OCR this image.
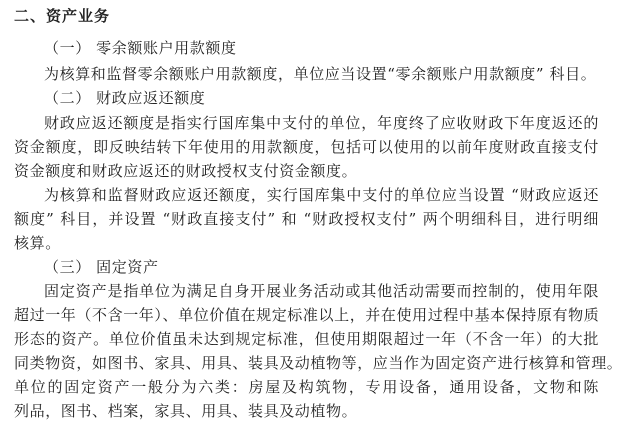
二、资产业务
（一） 零余额账户用款额度
为核算和监督零余额账户用款额度，单位应当设置“零余额账户用款额度” 科目。
（二） 财政应返还额度
财政应返还额度是指实行国库集中支付的单位，年度终了应收财政下年度返还的
资金额度，即反映结转下年使用的用款额度，包括可以使用的以前年度财政直接支付
资金额度和财政应返还的财政授权支付资金额度。
为核算和监督财政应返还额度，实行国库集中支付的单位应当设置 “财政应返还
额度” 科目，并设置 “财政直接支付” 和 “财政授权支付” 两个明细科目，进行明细
核算。
（三） 固定资产
固定资产是指单位为满足自身开展业务活动或其他活动需要而控制的，使用年限
超过一年（不含一年）、单位价值在规定标准以上，并在使用过程中基本保持原有物质
形态的资产。单位价值虽未达到规定标准，但使用期限超过一年（不含一年）的大批
同类物资，如图书、家具、用具、装具及动植物等，应当作为固定资产进行核算和管理。
单位的固定资产一般分为六类：房屋及构筑物，专用设备，通用设备，文物和陈
列品，图书、档案，家具、用具、装具及动植物。
